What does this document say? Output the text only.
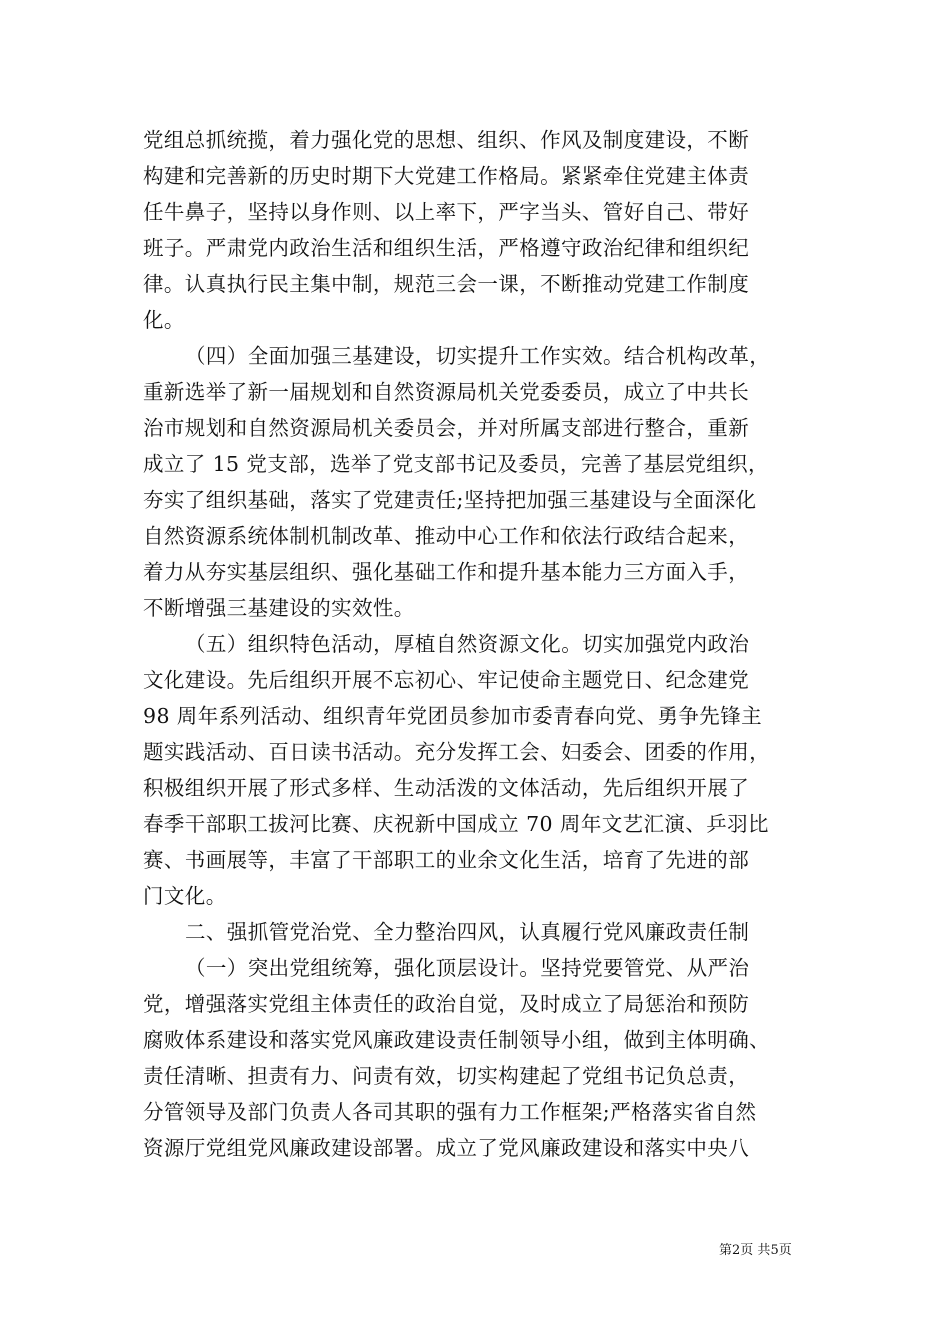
党组总抓统揽，着力强化党的思想、组织、作风及制度建设，不断
构建和完善新的历史时期下大党建工作格局。紧紧牵住党建主体责
任牛鼻子，坚持以身作则、以上率下，严字当头、管好自己、带好
班子。严肃党内政治生活和组织生活，严格遵守政治纪律和组织纪
律。认真执行民主集中制，规范三会一课，不断推动党建工作制度
化。
（四）全面加强三基建设，切实提升工作实效。结合机构改革，
重新选举了新一届规划和自然资源局机关党委委员，成立了中共长
治市规划和自然资源局机关委员会，并对所属支部进行整合，重新
成立了 15 党支部，选举了党支部书记及委员，完善了基层党组织，
夯实了组织基础，落实了党建责任;坚持把加强三基建设与全面深化
自然资源系统体制机制改革、推动中心工作和依法行政结合起来，
着力从夯实基层组织、强化基础工作和提升基本能力三方面入手，
不断增强三基建设的实效性。
（五）组织特色活动，厚植自然资源文化。切实加强党内政治
文化建设。先后组织开展不忘初心、牢记使命主题党日、纪念建党
98 周年系列活动、组织青年党团员参加市委青春向党、勇争先锋主
题实践活动、百日读书活动。充分发挥工会、妇委会、团委的作用，
积极组织开展了形式多样、生动活泼的文体活动，先后组织开展了
春季干部职工拔河比赛、庆祝新中国成立 70 周年文艺汇演、乒羽比
赛、书画展等，丰富了干部职工的业余文化生活，培育了先进的部
门文化。
二、强抓管党治党、全力整治四风，认真履行党风廉政责任制
（一）突出党组统筹，强化顶层设计。坚持党要管党、从严治
党，增强落实党组主体责任的政治自觉，及时成立了局惩治和预防
腐败体系建设和落实党风廉政建设责任制领导小组，做到主体明确、
责任清晰、担责有力、问责有效，切实构建起了党组书记负总责，
分管领导及部门负责人各司其职的强有力工作框架;严格落实省自然
资源厅党组党风廉政建设部署。成立了党风廉政建设和落实中央八
第2页 共5页
